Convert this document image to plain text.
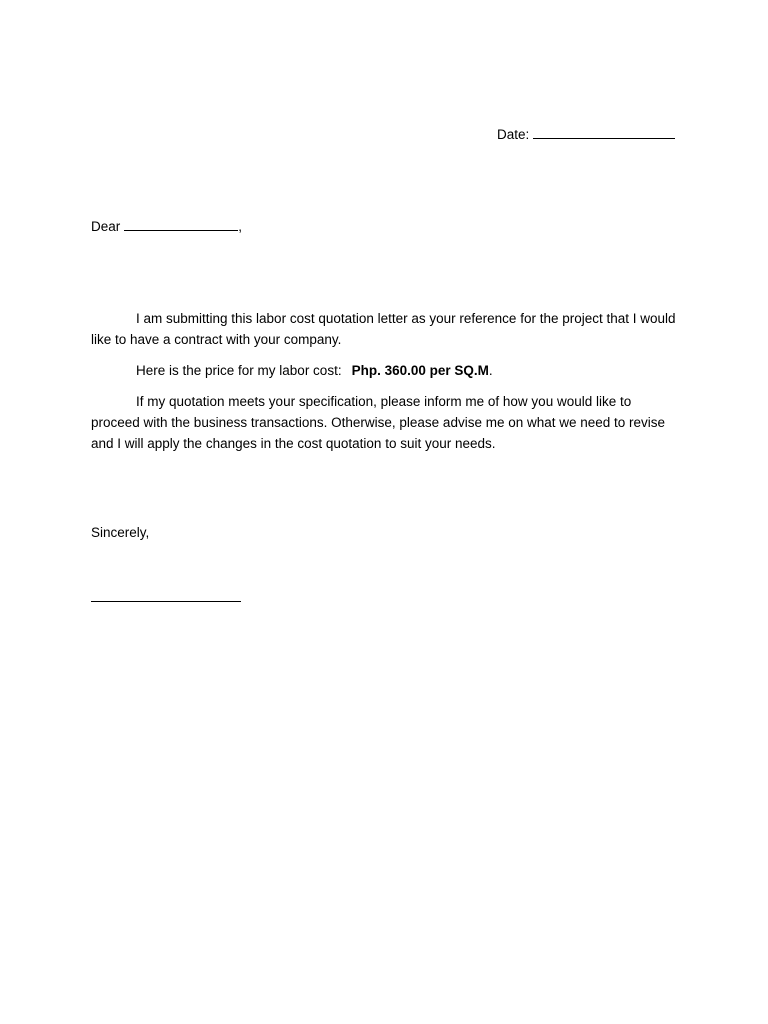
Date:
Dear	,

I am submitting this labor cost quotation letter as your reference for the project that I would like to have a contract with your company.

Here is the price for my labor cost: Php. 360.00 per SQ.M.

If my quotation meets your specification, please inform me of how you would like to proceed with the business transactions. Otherwise, please advise me on what we need to revise and I will apply the changes in the cost quotation to suit your needs.

Sincerely,
